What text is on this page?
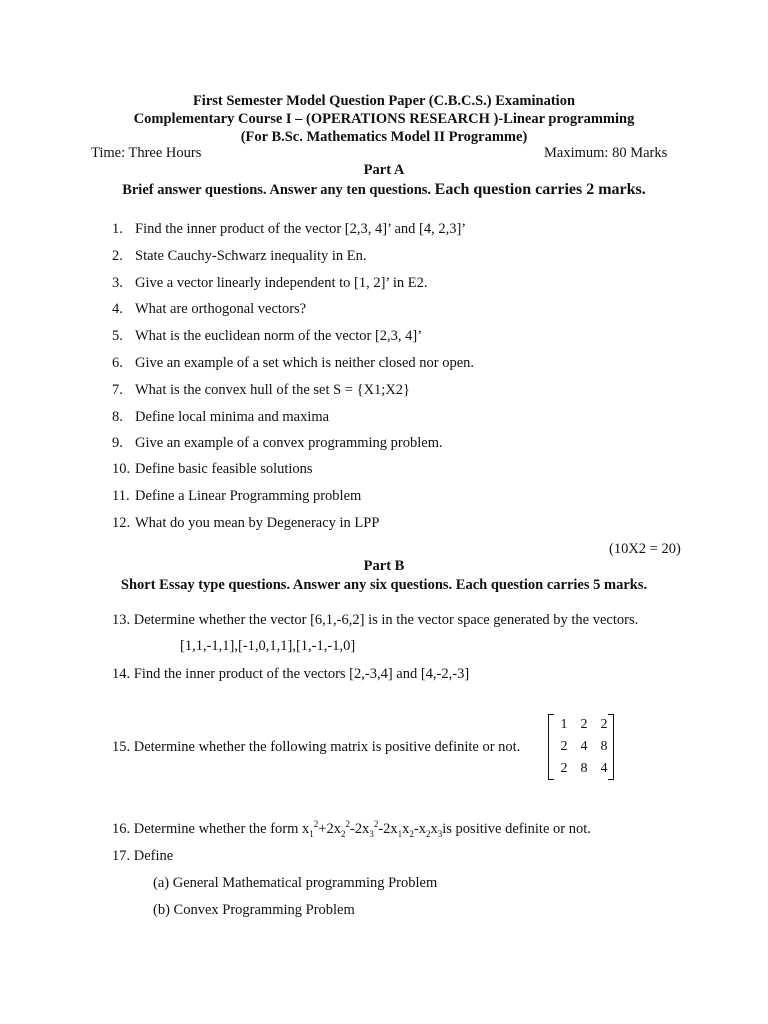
First Semester Model Question Paper (C.B.C.S.) Examination
Complementary Course I – (OPERATIONS RESEARCH )-Linear programming
(For B.Sc. Mathematics Model II Programme)
Time: Three Hours	Maximum: 80 Marks
Part A
Brief answer questions. Answer any ten questions. Each question carries 2 marks.
1. Find the inner product of the vector [2,3, 4]’ and [4, 2,3]’
2. State Cauchy-Schwarz inequality in En.
3. Give a vector linearly independent to [1, 2]’ in E2.
4. What are orthogonal vectors?
5. What is the euclidean norm of the vector [2,3, 4]’
6. Give an example of a set which is neither closed nor open.
7. What is the convex hull of the set S = {X1;X2}
8. Define local minima and maxima
9. Give an example of a convex programming problem.
10. Define basic feasible solutions
11. Define a Linear Programming problem
12. What do you mean by Degeneracy in LPP
(10X2 = 20)
Part B
Short Essay type questions. Answer any six questions. Each question carries 5 marks.
13. Determine whether the vector [6,1,-6,2] is in the vector space generated by the vectors.
[1,1,-1,1],[-1,0,1,1],[1,-1,-1,0]
14. Find the inner product of the vectors [2,-3,4] and [4,-2,-3]
15. Determine whether the following matrix is positive definite or not.
1	2	2
2	4	8
2	8	4
16. Determine whether the form $x_1^2+2x_2^2-2x_3^2-2x_1x_2-x_2x_3is$ positive definite or not.
17. Define
(a) General Mathematical programming Problem
(b) Convex Programming Problem
